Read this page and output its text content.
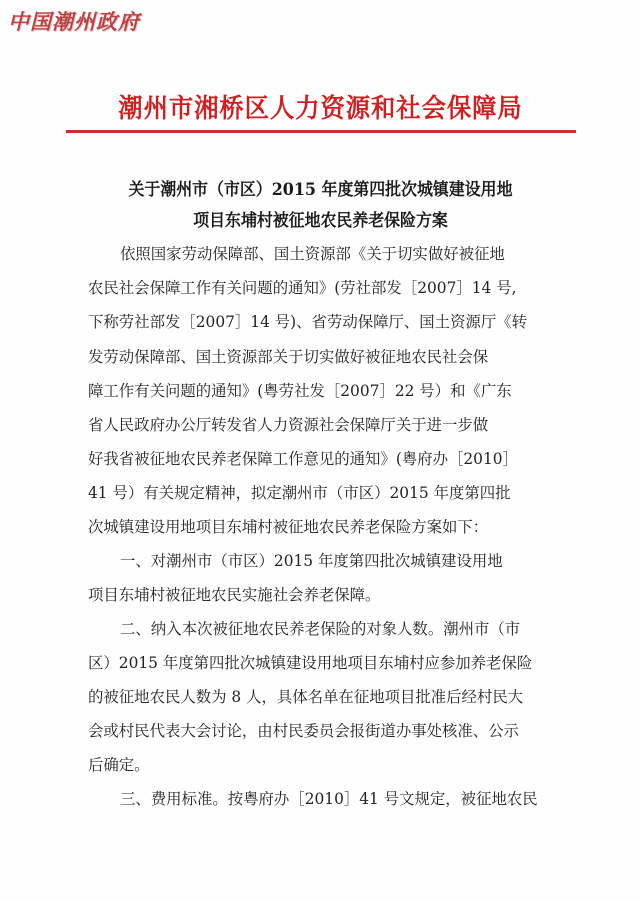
中国潮州政府
潮州市湘桥区人力资源和社会保障局
关于潮州市（市区）2015 年度第四批次城镇建设用地
项目东埔村被征地农民养老保险方案
依照国家劳动保障部、国土资源部《关于切实做好被征地
农民社会保障工作有关问题的通知》(劳社部发［2007］14 号,
下称劳社部发［2007］14 号)、省劳动保障厅、国土资源厅《转
发劳动保障部、国土资源部关于切实做好被征地农民社会保
障工作有关问题的通知》(粤劳社发［2007］22 号）和《广东
省人民政府办公厅转发省人力资源社会保障厅关于进一步做
好我省被征地农民养老保障工作意见的通知》(粤府办［2010］
41 号）有关规定精神，拟定潮州市（市区）2015 年度第四批
次城镇建设用地项目东埔村被征地农民养老保险方案如下：
一、对潮州市（市区）2015 年度第四批次城镇建设用地
项目东埔村被征地农民实施社会养老保障。
二、纳入本次被征地农民养老保险的对象人数。潮州市（市
区）2015 年度第四批次城镇建设用地项目东埔村应参加养老保险
的被征地农民人数为 8 人，具体名单在征地项目批准后经村民大
会或村民代表大会讨论，由村民委员会报街道办事处核准、公示
后确定。
三、费用标准。按粤府办［2010］41 号文规定，被征地农民
